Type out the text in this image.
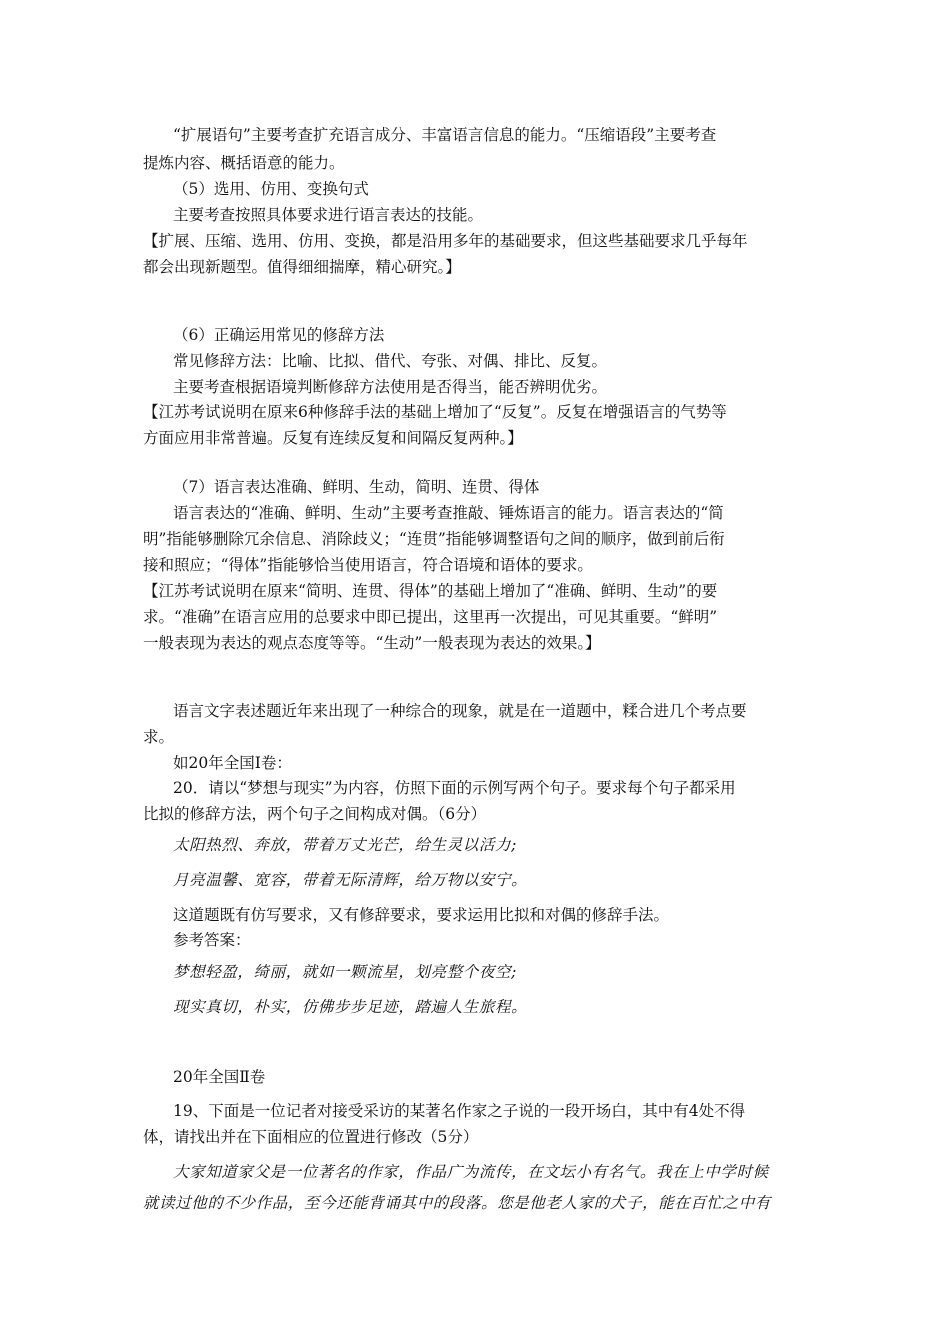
“扩展语句”主要考查扩充语言成分、丰富语言信息的能力。“压缩语段”主要考查
提炼内容、概括语意的能力。
（5）选用、仿用、变换句式
主要考查按照具体要求进行语言表达的技能。
【扩展、压缩、选用、仿用、变换，都是沿用多年的基础要求，但这些基础要求几乎每年
都会出现新题型。值得细细揣摩，精心研究。】
（6）正确运用常见的修辞方法
常见修辞方法：比喻、比拟、借代、夸张、对偶、排比、反复。
主要考查根据语境判断修辞方法使用是否得当，能否辨明优劣。
【江苏考试说明在原来6种修辞手法的基础上增加了“反复”。反复在增强语言的气势等
方面应用非常普遍。反复有连续反复和间隔反复两种。】
（7）语言表达准确、鲜明、生动，简明、连贯、得体
语言表达的“准确、鲜明、生动”主要考查推敲、锤炼语言的能力。语言表达的“简
明”指能够删除冗余信息、消除歧义；“连贯”指能够调整语句之间的顺序，做到前后衔
接和照应；“得体”指能够恰当使用语言，符合语境和语体的要求。
【江苏考试说明在原来“简明、连贯、得体”的基础上增加了“准确、鲜明、生动”的要
求。“准确”在语言应用的总要求中即已提出，这里再一次提出，可见其重要。“鲜明”
一般表现为表达的观点态度等等。“生动”一般表现为表达的效果。】
语言文字表述题近年来出现了一种综合的现象，就是在一道题中，糅合进几个考点要
求。
如20年全国Ⅰ卷：
20．请以“梦想与现实”为内容，仿照下面的示例写两个句子。要求每个句子都采用
比拟的修辞方法，两个句子之间构成对偶。（6分）
太阳热烈、奔放，带着万丈光芒，给生灵以活力;
月亮温馨、宽容，带着无际清辉，给万物以安宁。
这道题既有仿写要求，又有修辞要求，要求运用比拟和对偶的修辞手法。
参考答案：
梦想轻盈，绮丽，就如一颗流星，划亮整个夜空;
现实真切，朴实，仿佛步步足迹，踏遍人生旅程。
20年全国Ⅱ卷
19、下面是一位记者对接受采访的某著名作家之子说的一段开场白，其中有4处不得
体，请找出并在下面相应的位置进行修改（5分）
大家知道家父是一位著名的作家，作品广为流传，在文坛小有名气。我在上中学时候
就读过他的不少作品，至今还能背诵其中的段落。您是他老人家的犬子，能在百忙之中有
